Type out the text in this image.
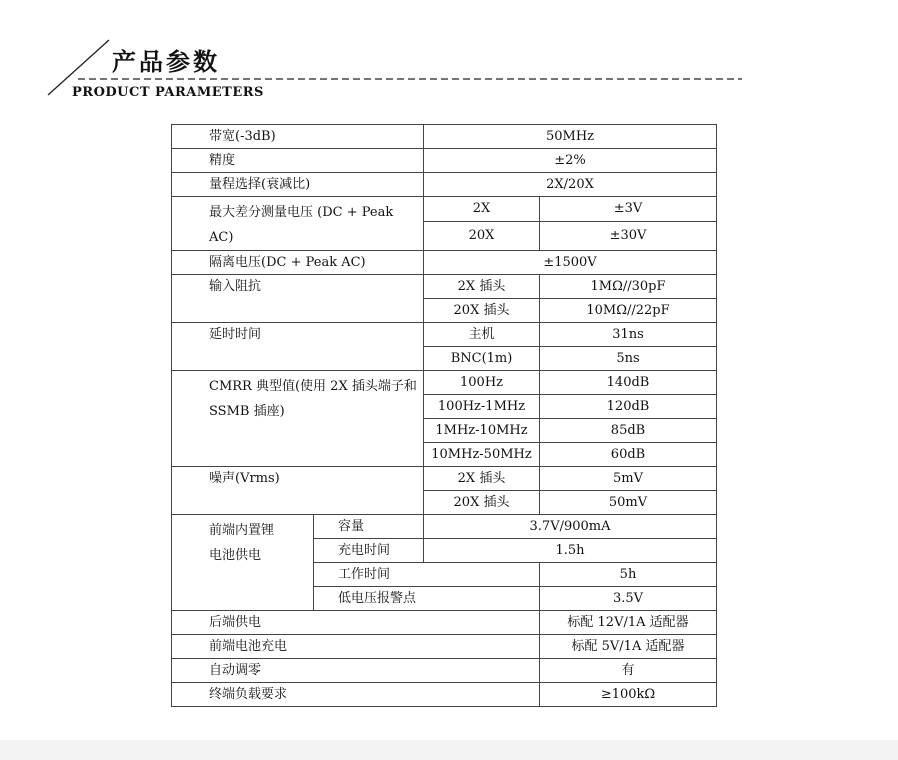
产品参数
PRODUCT PARAMETERS
带宽(-3dB)		50MHz	
精度		±2%	
量程选择(衰减比)		2X/20X	
最大差分测量电压 (DC + Peak AC)		2X	±3V
		20X	±30V
隔离电压(DC + Peak AC)		±1500V	
输入阻抗		2X 插头	1MΩ//30pF
		20X 插头	10MΩ//22pF
延时时间		主机	31ns
		BNC(1m)	5ns
CMRR 典型值(使用 2X 插头端子和 SSMB 插座)		100Hz	140dB
		100Hz-1MHz	120dB
		1MHz-10MHz	85dB
		10MHz-50MHz	60dB
噪声(Vrms)		2X 插头	5mV
		20X 插头	50mV
前端内置锂电池供电	容量	3.7V/900mA	
	充电时间	1.5h	
	工作时间		5h
	低电压报警点		3.5V
后端供电			标配 12V/1A 适配器
前端电池充电			标配 5V/1A 适配器
自动调零			有
终端负载要求			≥100kΩ
